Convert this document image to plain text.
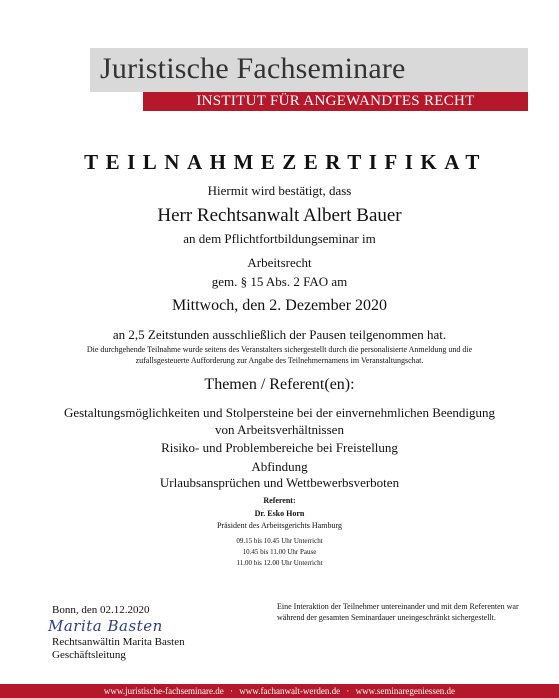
Juristische Fachseminare
INSTITUT FÜR ANGEWANDTES RECHT
TEILNAHMEZERTIFIKAT
Hiermit wird bestätigt, dass
Herr Rechtsanwalt Albert Bauer
an dem Pflichtfortbildungseminar im
Arbeitsrecht
gem. § 15 Abs. 2 FAO am
Mittwoch, den 2. Dezember 2020
an 2,5 Zeitstunden ausschließlich der Pausen teilgenommen hat.
Die durchgehende Teilnahme wurde seitens des Veranstalters sichergestellt durch die personalisierte Anmeldung und die
zufallsgesteuerte Aufforderung zur Angabe des Teilnehmernamens im Veranstaltungschat.
Themen / Referent(en):
Gestaltungsmöglichkeiten und Stolpersteine bei der einvernehmlichen Beendigung
von Arbeitsverhältnissen
Risiko- und Problembereiche bei Freistellung
Abfindung
Urlaubsansprüchen und Wettbewerbsverboten
Referent:
Dr. Esko Horn
Präsident des Arbeitsgerichts Hamburg
09.15 bis 10.45 Uhr Unterricht
10.45 bis 11.00 Uhr Pause
11.00 bis 12.00 Uhr Unterricht
Bonn, den 02.12.2020
Marita Basten
Rechtsanwältin Marita Basten
Geschäftsleitung
Eine Interaktion der Teilnehmer untereinander und mit dem Referenten war während der gesamten Seminardauer uneingeschränkt sichergestellt.
www.juristische-fachseminare.de · www.fachanwalt-werden.de · www.seminaregeniessen.de
